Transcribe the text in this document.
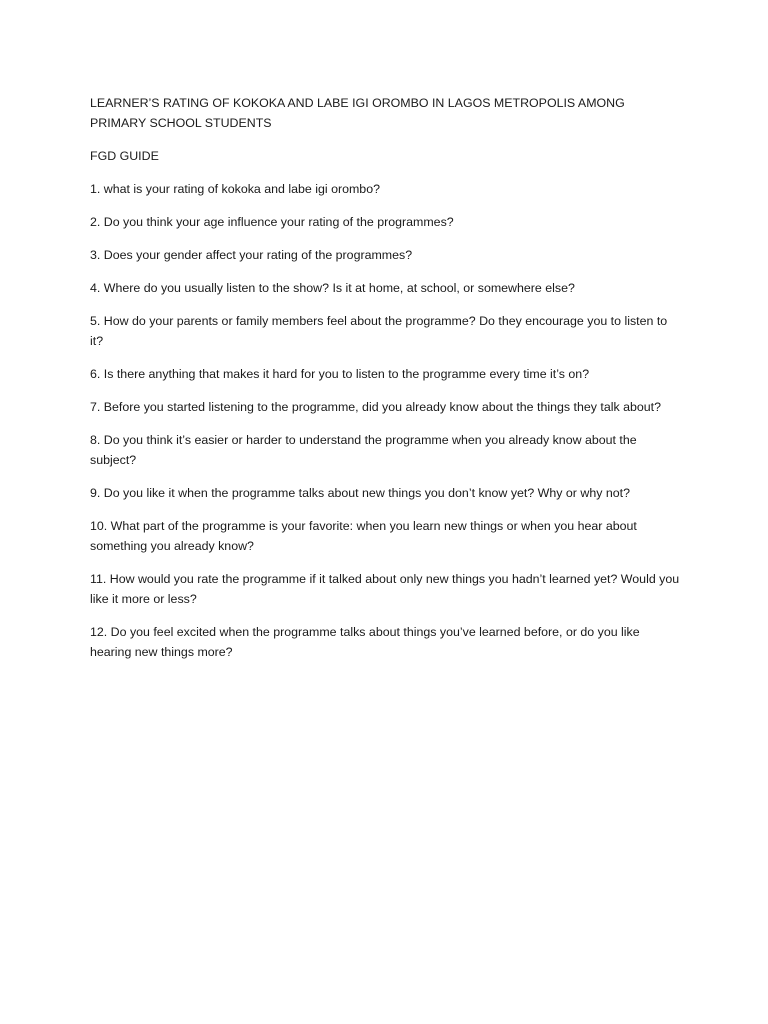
LEARNER’S RATING OF KOKOKA AND LABE IGI OROMBO IN LAGOS METROPOLIS AMONG PRIMARY SCHOOL STUDENTS

FGD GUIDE

1. what is your rating of kokoka and labe igi orombo?
2. Do you think your age influence your rating of the programmes?
3. Does your gender affect your rating of the programmes?
4. Where do you usually listen to the show? Is it at home, at school, or somewhere else?
5. How do your parents or family members feel about the programme? Do they encourage you to listen to it?
6. Is there anything that makes it hard for you to listen to the programme every time it’s on?
7. Before you started listening to the programme, did you already know about the things they talk about?
8. Do you think it’s easier or harder to understand the programme when you already know about the subject?
9. Do you like it when the programme talks about new things you don’t know yet? Why or why not?
10. What part of the programme is your favorite: when you learn new things or when you hear about something you already know?
11. How would you rate the programme if it talked about only new things you hadn’t learned yet? Would you like it more or less?
12. Do you feel excited when the programme talks about things you’ve learned before, or do you like hearing new things more?
